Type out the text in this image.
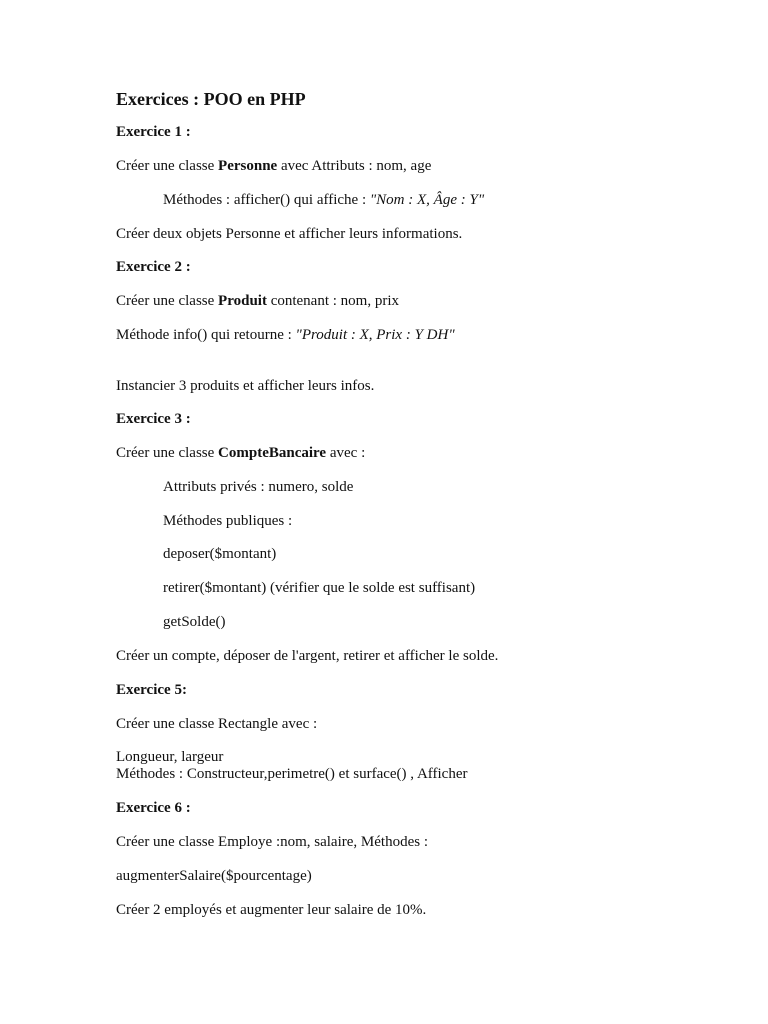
Exercices : POO en PHP
Exercice 1 :
Créer une classe Personne avec Attributs : nom, age
Méthodes : afficher() qui affiche : "Nom : X, Âge : Y"
Créer deux objets Personne et afficher leurs informations.
Exercice 2 :
Créer une classe Produit contenant : nom, prix
Méthode info() qui retourne : "Produit : X, Prix : Y DH"
Instancier 3 produits et afficher leurs infos.
Exercice 3 :
Créer une classe CompteBancaire avec :
Attributs privés : numero, solde
Méthodes publiques :
deposer($montant)
retirer($montant) (vérifier que le solde est suffisant)
getSolde()
Créer un compte, déposer de l'argent, retirer et afficher le solde.
Exercice 5:
Créer une classe Rectangle avec :
Longueur, largeur
Méthodes : Constructeur,perimetre() et surface() , Afficher
Exercice 6 :
Créer une classe Employe :nom, salaire, Méthodes :
augmenterSalaire($pourcentage)
Créer 2 employés et augmenter leur salaire de 10%.
